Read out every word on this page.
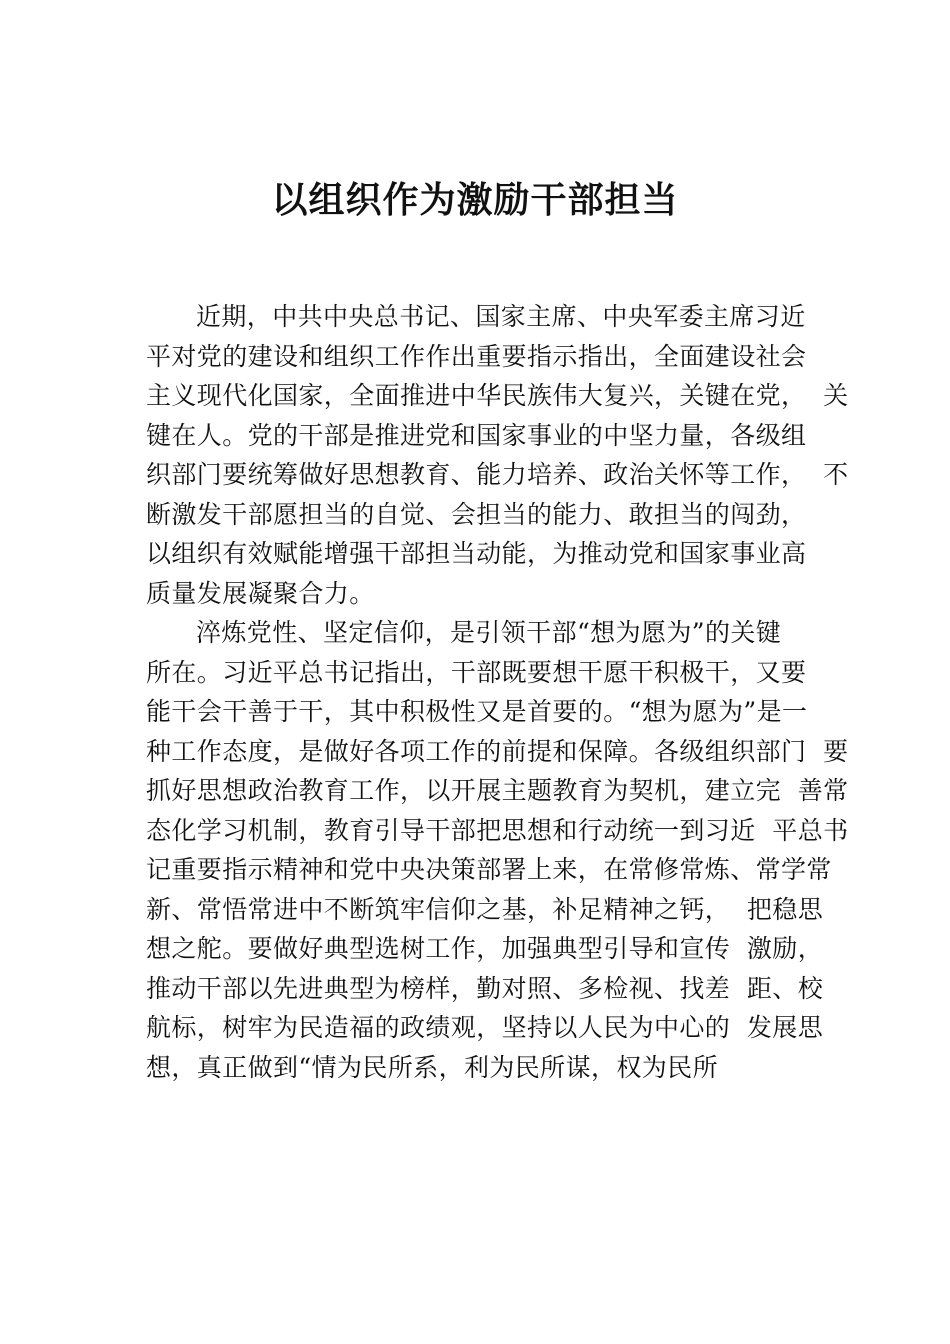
以组织作为激励干部担当
近期，中共中央总书记、国家主席、中央军委主席习近
平对党的建设和组织工作作出重要指示指出，全面建设社会
主义现代化国家，全面推进中华民族伟大复兴，关键在党，  关
键在人。党的干部是推进党和国家事业的中坚力量，各级组
织部门要统筹做好思想教育、能力培养、政治关怀等工作，  不
断激发干部愿担当的自觉、会担当的能力、敢担当的闯劲，
以组织有效赋能增强干部担当动能，为推动党和国家事业高
质量发展凝聚合力。
淬炼党性、坚定信仰，是引领干部“想为愿为”的关键
所在。习近平总书记指出，干部既要想干愿干积极干，又要
能干会干善于干，其中积极性又是首要的。“想为愿为”是一
种工作态度，是做好各项工作的前提和保障。各级组织部门  要
抓好思想政治教育工作，以开展主题教育为契机，建立完  善常
态化学习机制，教育引导干部把思想和行动统一到习近  平总书
记重要指示精神和党中央决策部署上来，在常修常炼、常学常
新、常悟常进中不断筑牢信仰之基，补足精神之钙，  把稳思
想之舵。要做好典型选树工作，加强典型引导和宣传  激励，
推动干部以先进典型为榜样，勤对照、多检视、找差  距、校
航标，树牢为民造福的政绩观，坚持以人民为中心的  发展思
想，真正做到“情为民所系，利为民所谋，权为民所
